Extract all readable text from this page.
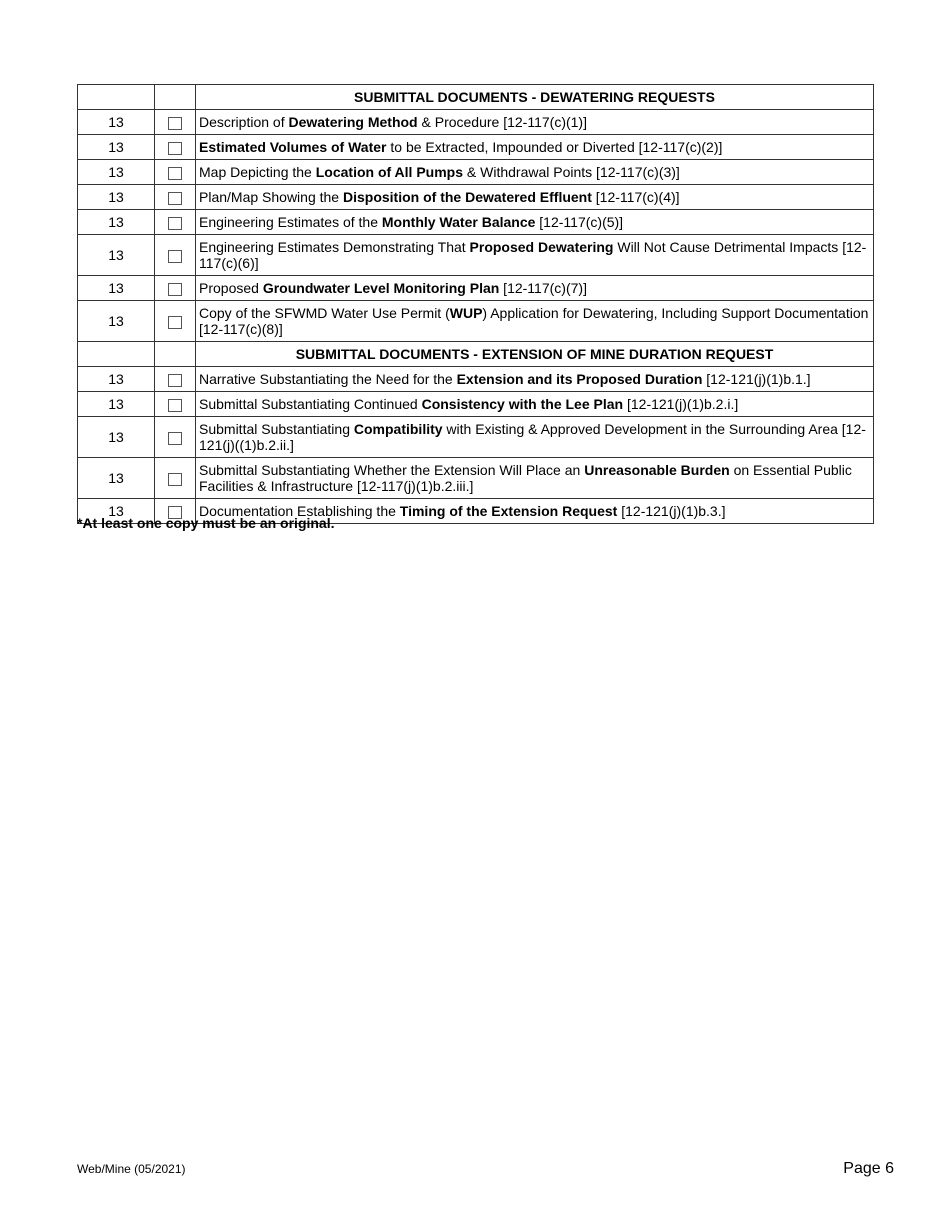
		SUBMITTAL DOCUMENTS - DEWATERING REQUESTS
13		Description of Dewatering Method & Procedure [12-117(c)(1)]
13		Estimated Volumes of Water to be Extracted, Impounded or Diverted [12-117(c)(2)]
13		Map Depicting the Location of All Pumps & Withdrawal Points [12-117(c)(3)]
13		Plan/Map Showing the Disposition of the Dewatered Effluent [12-117(c)(4)]
13		Engineering Estimates of the Monthly Water Balance [12-117(c)(5)]
13		Engineering Estimates Demonstrating That Proposed Dewatering Will Not Cause Detrimental Impacts [12-117(c)(6)]
13		Proposed Groundwater Level Monitoring Plan [12-117(c)(7)]
13		Copy of the SFWMD Water Use Permit (WUP) Application for Dewatering, Including Support Documentation [12-117(c)(8)]
		SUBMITTAL DOCUMENTS - EXTENSION OF MINE DURATION REQUEST
13		Narrative Substantiating the Need for the Extension and its Proposed Duration [12-121(j)(1)b.1.]
13		Submittal Substantiating Continued Consistency with the Lee Plan [12-121(j)(1)b.2.i.]
13		Submittal Substantiating Compatibility with Existing & Approved Development in the Surrounding Area [12-121(j)((1)b.2.ii.]
13		Submittal Substantiating Whether the Extension Will Place an Unreasonable Burden on Essential Public Facilities & Infrastructure [12-117(j)(1)b.2.iii.]
13		Documentation Establishing the Timing of the Extension Request [12-121(j)(1)b.3.]
*At least one copy must be an original.
Web/Mine (05/2021)	Page 6
